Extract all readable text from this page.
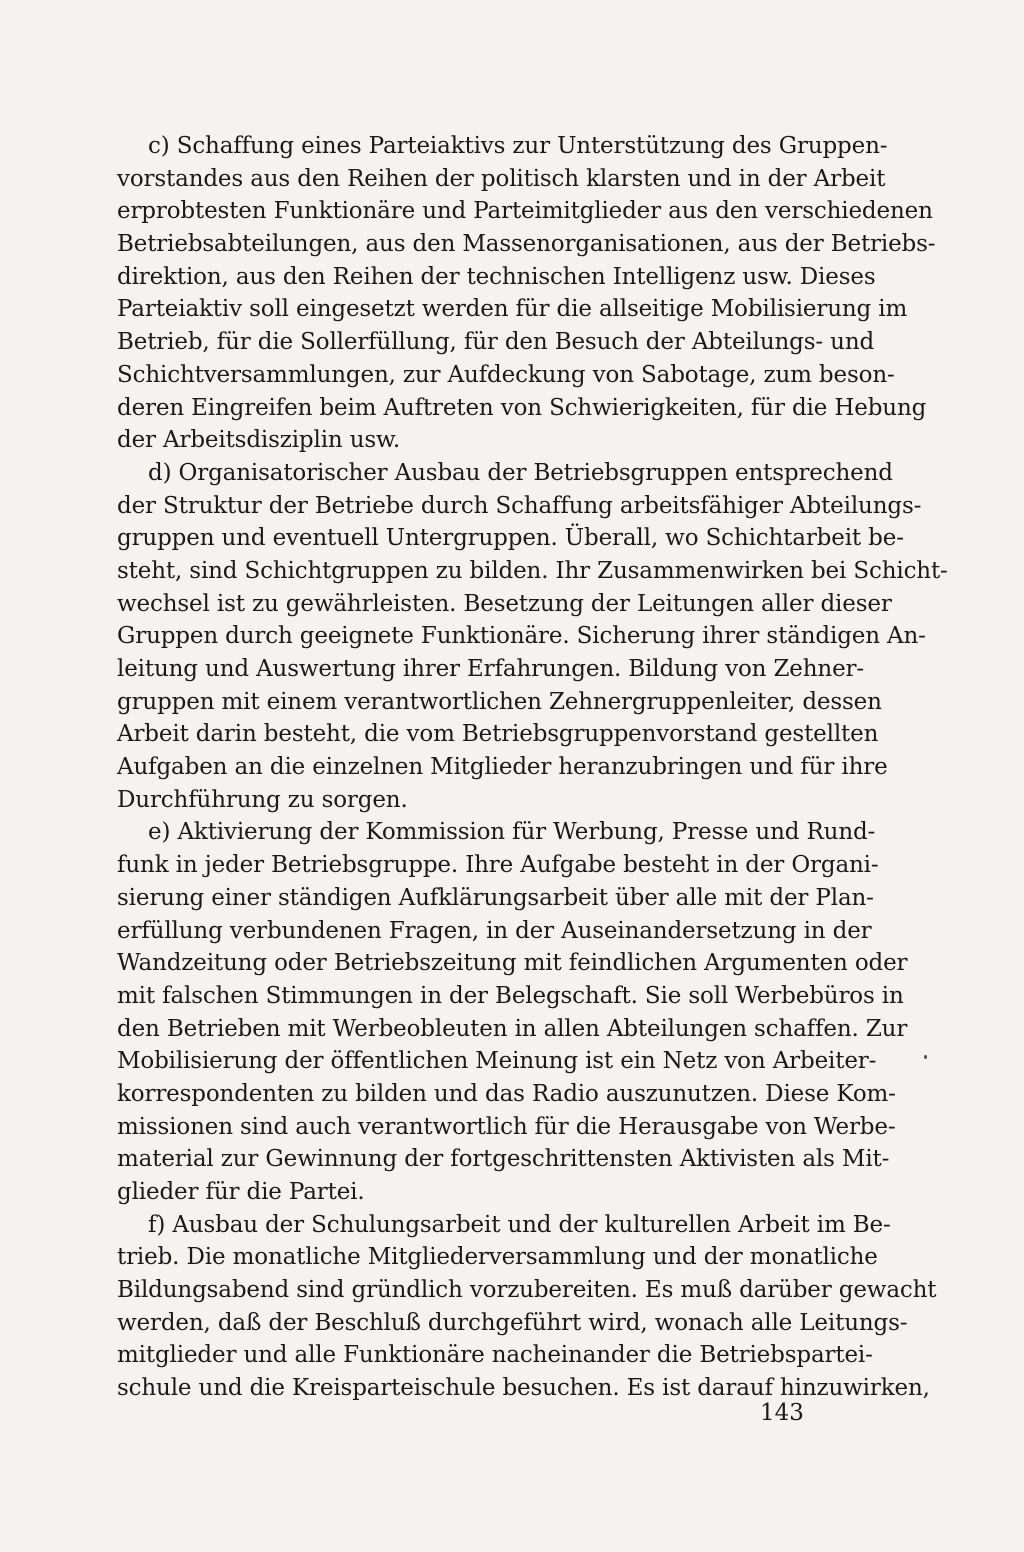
c) Schaffung eines Parteiaktivs zur Unterstützung des Gruppen-
vorstandes aus den Reihen der politisch klarsten und in der Arbeit
erprobtesten Funktionäre und Parteimitglieder aus den verschiedenen
Betriebsabteilungen, aus den Massenorganisationen, aus der Betriebs-
direktion, aus den Reihen der technischen Intelligenz usw. Dieses
Parteiaktiv soll eingesetzt werden für die allseitige Mobilisierung im
Betrieb, für die Sollerfüllung, für den Besuch der Abteilungs- und
Schichtversammlungen, zur Aufdeckung von Sabotage, zum beson-
deren Eingreifen beim Auftreten von Schwierigkeiten, für die Hebung
der Arbeitsdisziplin usw.
d) Organisatorischer Ausbau der Betriebsgruppen entsprechend
der Struktur der Betriebe durch Schaffung arbeitsfähiger Abteilungs-
gruppen und eventuell Untergruppen. Überall, wo Schichtarbeit be-
steht, sind Schichtgruppen zu bilden. Ihr Zusammenwirken bei Schicht-
wechsel ist zu gewährleisten. Besetzung der Leitungen aller dieser
Gruppen durch geeignete Funktionäre. Sicherung ihrer ständigen An-
leitung und Auswertung ihrer Erfahrungen. Bildung von Zehner-
gruppen mit einem verantwortlichen Zehnergruppenleiter, dessen
Arbeit darin besteht, die vom Betriebsgruppenvorstand gestellten
Aufgaben an die einzelnen Mitglieder heranzubringen und für ihre
Durchführung zu sorgen.
e) Aktivierung der Kommission für Werbung, Presse und Rund-
funk in jeder Betriebsgruppe. Ihre Aufgabe besteht in der Organi-
sierung einer ständigen Aufklärungsarbeit über alle mit der Plan-
erfüllung verbundenen Fragen, in der Auseinandersetzung in der
Wandzeitung oder Betriebszeitung mit feindlichen Argumenten oder
mit falschen Stimmungen in der Belegschaft. Sie soll Werbebüros in
den Betrieben mit Werbeobleuten in allen Abteilungen schaffen. Zur
Mobilisierung der öffentlichen Meinung ist ein Netz von Arbeiter-
korrespondenten zu bilden und das Radio auszunutzen. Diese Kom-
missionen sind auch verantwortlich für die Herausgabe von Werbe-
material zur Gewinnung der fortgeschrittensten Aktivisten als Mit-
glieder für die Partei.
f) Ausbau der Schulungsarbeit und der kulturellen Arbeit im Be-
trieb. Die monatliche Mitgliederversammlung und der monatliche
Bildungsabend sind gründlich vorzubereiten. Es muß darüber gewacht
werden, daß der Beschluß durchgeführt wird, wonach alle Leitungs-
mitglieder und alle Funktionäre nacheinander die Betriebspartei-
schule und die Kreisparteischule besuchen. Es ist darauf hinzuwirken,
143
